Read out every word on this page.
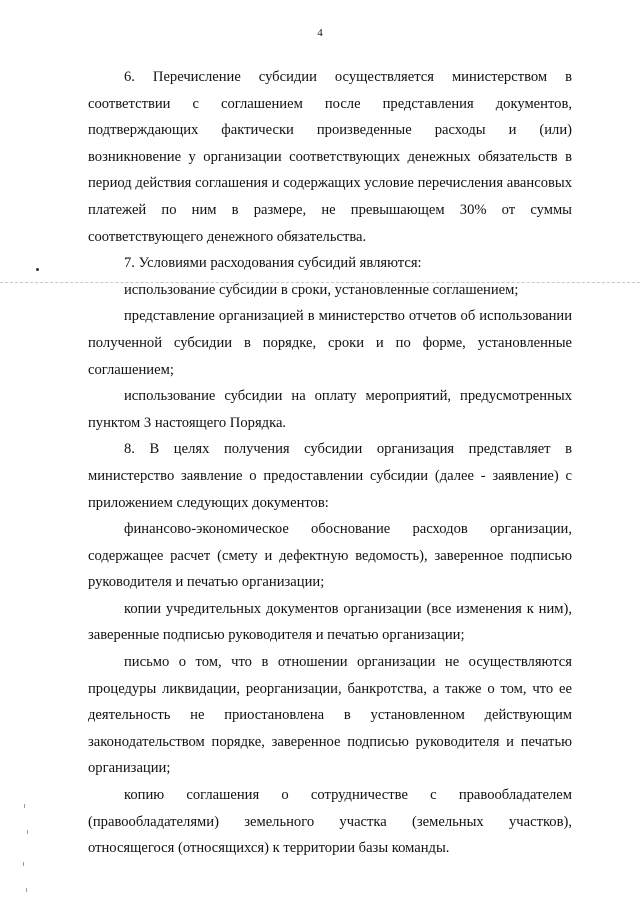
4

6. Перечисление субсидии осуществляется министерством в соответствии с соглашением после представления документов, подтверждающих фактически произведенные расходы и (или) возникновение у организации соответствующих денежных обязательств в период действия соглашения и содержащих условие перечисления авансовых платежей по ним в размере, не превышающем 30% от суммы соответствующего денежного обязательства.

7. Условиями расходования субсидий являются:

использование субсидии в сроки, установленные соглашением;

представление организацией в министерство отчетов об использовании полученной субсидии в порядке, сроки и по форме, установленные соглашением;

использование субсидии на оплату мероприятий, предусмотренных пунктом 3 настоящего Порядка.

8. В целях получения субсидии организация представляет в министерство заявление о предоставлении субсидии (далее - заявление) с приложением следующих документов:

финансово-экономическое обоснование расходов организации, содержащее расчет (смету и дефектную ведомость), заверенное подписью руководителя и печатью организации;

копии учредительных документов организации (все изменения к ним), заверенные подписью руководителя и печатью организации;

письмо о том, что в отношении организации не осуществляются процедуры ликвидации, реорганизации, банкротства, а также о том, что ее деятельность не приостановлена в установленном действующим законодательством порядке, заверенное подписью руководителя и печатью организации;

копию соглашения о сотрудничестве с правообладателем (правообладателями) земельного участка (земельных участков), относящегося (относящихся) к территории базы команды.
